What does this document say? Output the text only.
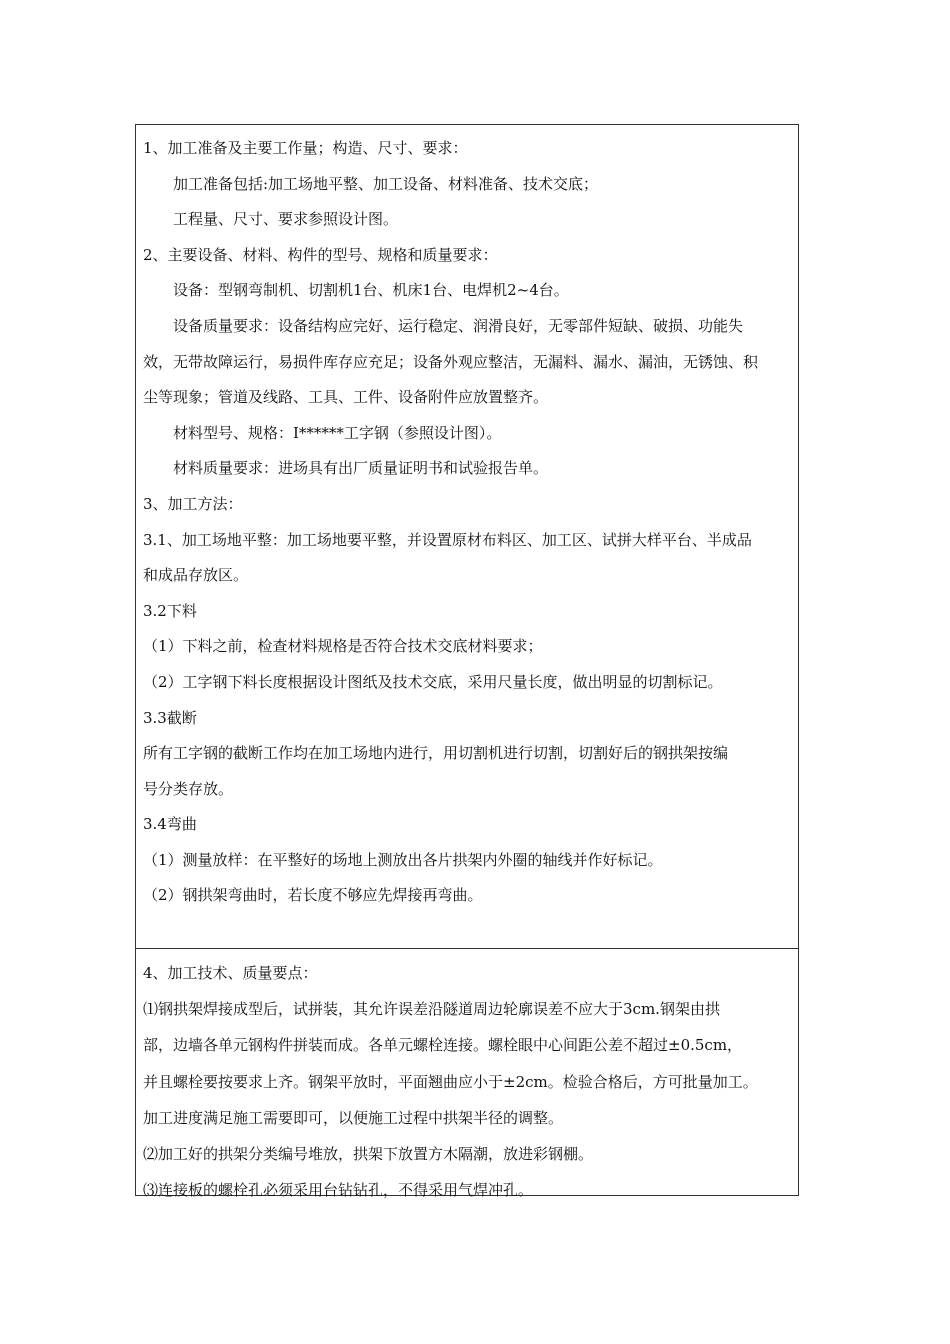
1、加工准备及主要工作量；构造、尺寸、要求：
加工准备包括:加工场地平整、加工设备、材料准备、技术交底；
工程量、尺寸、要求参照设计图。
2、主要设备、材料、构件的型号、规格和质量要求：
设备：型钢弯制机、切割机1台、机床1台、电焊机2~4台。
设备质量要求：设备结构应完好、运行稳定、润滑良好，无零部件短缺、破损、功能失
效，无带故障运行，易损件库存应充足；设备外观应整洁，无漏料、漏水、漏油，无锈蚀、积
尘等现象；管道及线路、工具、工件、设备附件应放置整齐。
材料型号、规格：I******工字钢（参照设计图）。
材料质量要求：进场具有出厂质量证明书和试验报告单。
3、加工方法：
3.1、加工场地平整：加工场地要平整，并设置原材布料区、加工区、试拼大样平台、半成品
和成品存放区。
3.2下料
（1）下料之前，检查材料规格是否符合技术交底材料要求；
（2）工字钢下料长度根据设计图纸及技术交底，采用尺量长度，做出明显的切割标记。
3.3截断
所有工字钢的截断工作均在加工场地内进行，用切割机进行切割，切割好后的钢拱架按编
号分类存放。
3.4弯曲
（1）测量放样：在平整好的场地上测放出各片拱架内外圈的轴线并作好标记。
（2）钢拱架弯曲时，若长度不够应先焊接再弯曲。
4、加工技术、质量要点：
⑴钢拱架焊接成型后，试拼装，其允许误差沿隧道周边轮廓误差不应大于3cm.钢架由拱
部，边墙各单元钢构件拼装而成。各单元螺栓连接。螺栓眼中心间距公差不超过±0.5cm，
并且螺栓要按要求上齐。钢架平放时，平面翘曲应小于±2cm。检验合格后，方可批量加工。
加工进度满足施工需要即可，以便施工过程中拱架半径的调整。
⑵加工好的拱架分类编号堆放，拱架下放置方木隔潮，放进彩钢棚。
⑶连接板的螺栓孔必须采用台钻钻孔，不得采用气焊冲孔。
